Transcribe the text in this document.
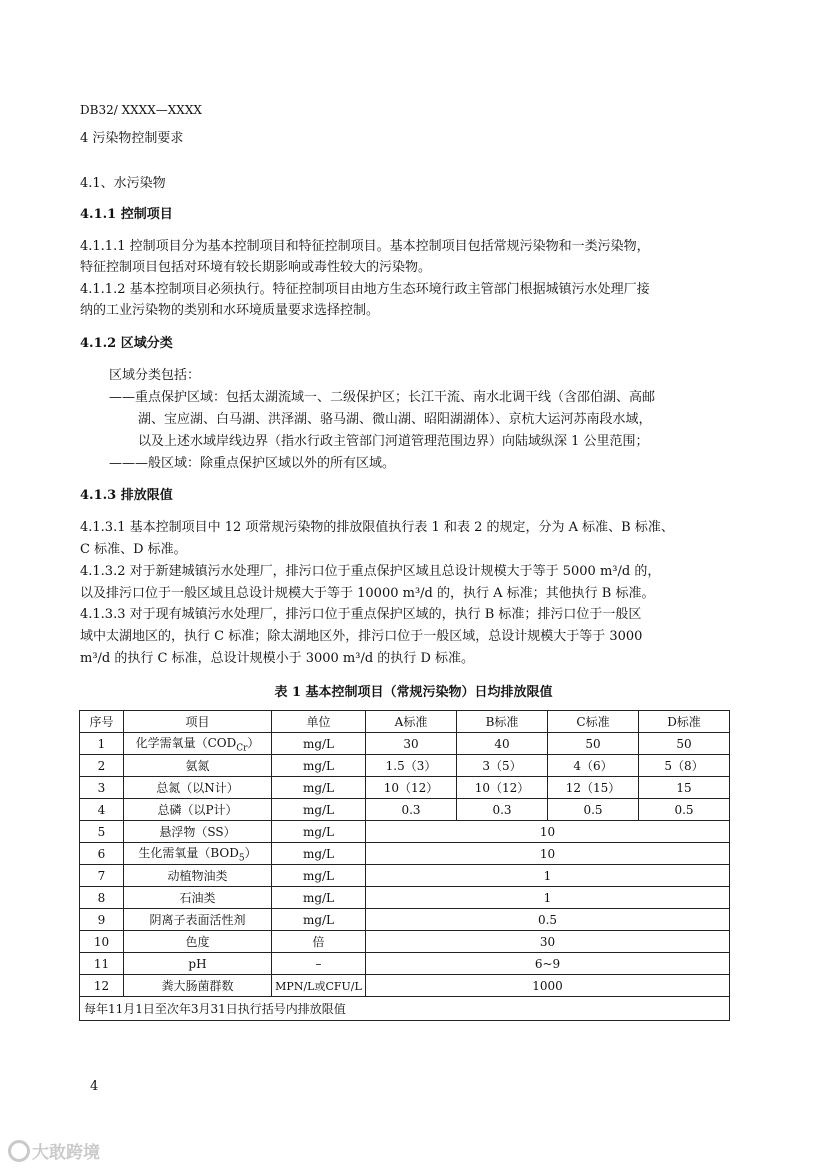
DB32/ XXXX—XXXX
4 污染物控制要求
4.1、水污染物
4.1.1 控制项目
4.1.1.1 控制项目分为基本控制项目和特征控制项目。基本控制项目包括常规污染物和一类污染物，
特征控制项目包括对环境有较长期影响或毒性较大的污染物。
4.1.1.2 基本控制项目必须执行。特征控制项目由地方生态环境行政主管部门根据城镇污水处理厂接
纳的工业污染物的类别和水环境质量要求选择控制。
4.1.2 区域分类
区域分类包括：
——重点保护区域：包括太湖流域一、二级保护区；长江干流、南水北调干线（含邵伯湖、高邮
湖、宝应湖、白马湖、洪泽湖、骆马湖、微山湖、昭阳湖湖体）、京杭大运河苏南段水域，
以及上述水域岸线边界（指水行政主管部门河道管理范围边界）向陆域纵深 1 公里范围；
———般区域：除重点保护区域以外的所有区域。
4.1.3 排放限值
4.1.3.1 基本控制项目中 12 项常规污染物的排放限值执行表 1 和表 2 的规定，分为 A 标准、B 标准、
C 标准、D 标准。
4.1.3.2 对于新建城镇污水处理厂，排污口位于重点保护区域且总设计规模大于等于 5000 m³/d 的，
以及排污口位于一般区域且总设计规模大于等于 10000 m³/d 的，执行 A 标准；其他执行 B 标准。
4.1.3.3 对于现有城镇污水处理厂，排污口位于重点保护区域的，执行 B 标准；排污口位于一般区
域中太湖地区的，执行 C 标准；除太湖地区外，排污口位于一般区域，总设计规模大于等于 3000
m³/d 的执行 C 标准，总设计规模小于 3000 m³/d 的执行 D 标准。
表 1 基本控制项目（常规污染物）日均排放限值
序号	项目	单位	A标准	B标准	C标准	D标准
1	化学需氧量$(COD_{Cr})$	mg/L	30	40	50	50
2	氨氮	mg/L	1.5（3）	3（5）	4（6）	5（8）
3	总氮（以N计）	mg/L	10（12）	10（12）	12（15）	15
4	总磷（以P计）	mg/L	0.3	0.3	0.5	0.5
5	悬浮物（SS）	mg/L	10			
6	生化需氧量$(BOD_5)$	mg/L	10			
7	动植物油类	mg/L	1			
8	石油类	mg/L	1			
9	阴离子表面活性剂	mg/L	0.5			
10	色度	倍	30			
11	pH	–	6~9			
12	粪大肠菌群数	MPN/L或CFU/L	1000			
每年11月1日至次年3月31日执行括号内排放限值						
4
大敢跨境
